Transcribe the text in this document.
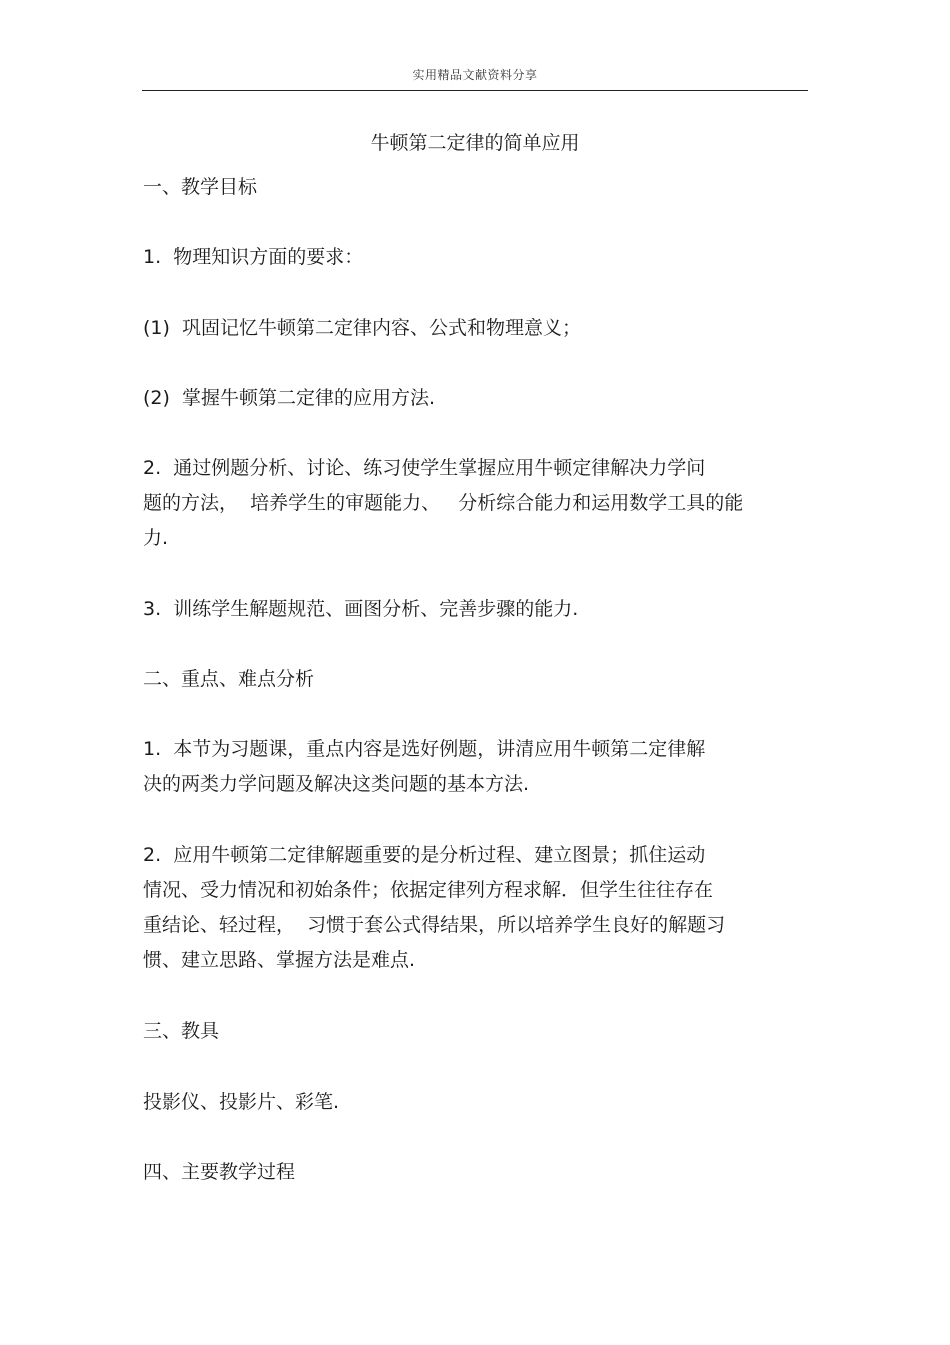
实用精品文献资料分享
牛顿第二定律的简单应用

一、教学目标

1.  物理知识方面的要求：

(1)  巩固记忆牛顿第二定律内容、公式和物理意义；

(2)  掌握牛顿第二定律的应用方法.

2.  通过例题分析、讨论、练习使学生掌握应用牛顿定律解决力学问

题的方法，  培养学生的审题能力、   分析综合能力和运用数学工具的能

力.

3.  训练学生解题规范、画图分析、完善步骤的能力.

二、重点、难点分析

1.  本节为习题课，重点内容是选好例题，讲清应用牛顿第二定律解

决的两类力学问题及解决这类问题的基本方法.

2.  应用牛顿第二定律解题重要的是分析过程、建立图景；抓住运动

情况、受力情况和初始条件；依据定律列方程求解．但学生往往存在

重结论、轻过程，  习惯于套公式得结果，所以培养学生良好的解题习

惯、建立思路、掌握方法是难点.

三、教具

投影仪、投影片、彩笔.

四、主要教学过程
